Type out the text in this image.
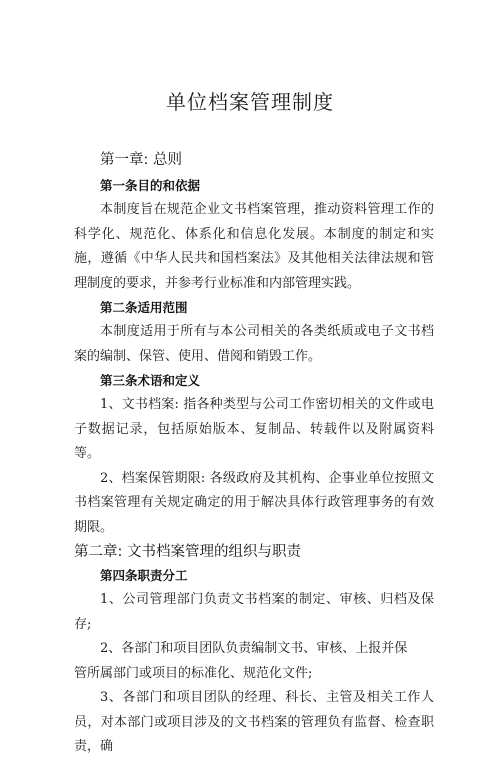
单位档案管理制度
第一章: 总则
第一条目的和依据

本制度旨在规范企业文书档案管理，推动资料管理工作的科学化、规范化、体系化和信息化发展。本制度的制定和实施，遵循《中华人民共和国档案法》及其他相关法律法规和管理制度的要求，并参考行业标准和内部管理实践。

第二条适用范围

本制度适用于所有与本公司相关的各类纸质或电子文书档案的编制、保管、使用、借阅和销毁工作。

第三条术语和定义

1、文书档案: 指各种类型与公司工作密切相关的文件或电子数据记录，包括原始版本、复制品、转载件以及附属资料等。

2、档案保管期限: 各级政府及其机构、企事业单位按照文书档案管理有关规定确定的用于解决具体行政管理事务的有效期限。

第二章: 文书档案管理的组织与职责
第四条职责分工

1、公司管理部门负责文书档案的制定、审核、归档及保存;

2、各部门和项目团队负责编制文书、审核、上报并保
管所属部门或项目的标准化、规范化文件;

3、各部门和项目团队的经理、科长、主管及相关工作人员，对本部门或项目涉及的文书档案的管理负有监督、检查职责，确
